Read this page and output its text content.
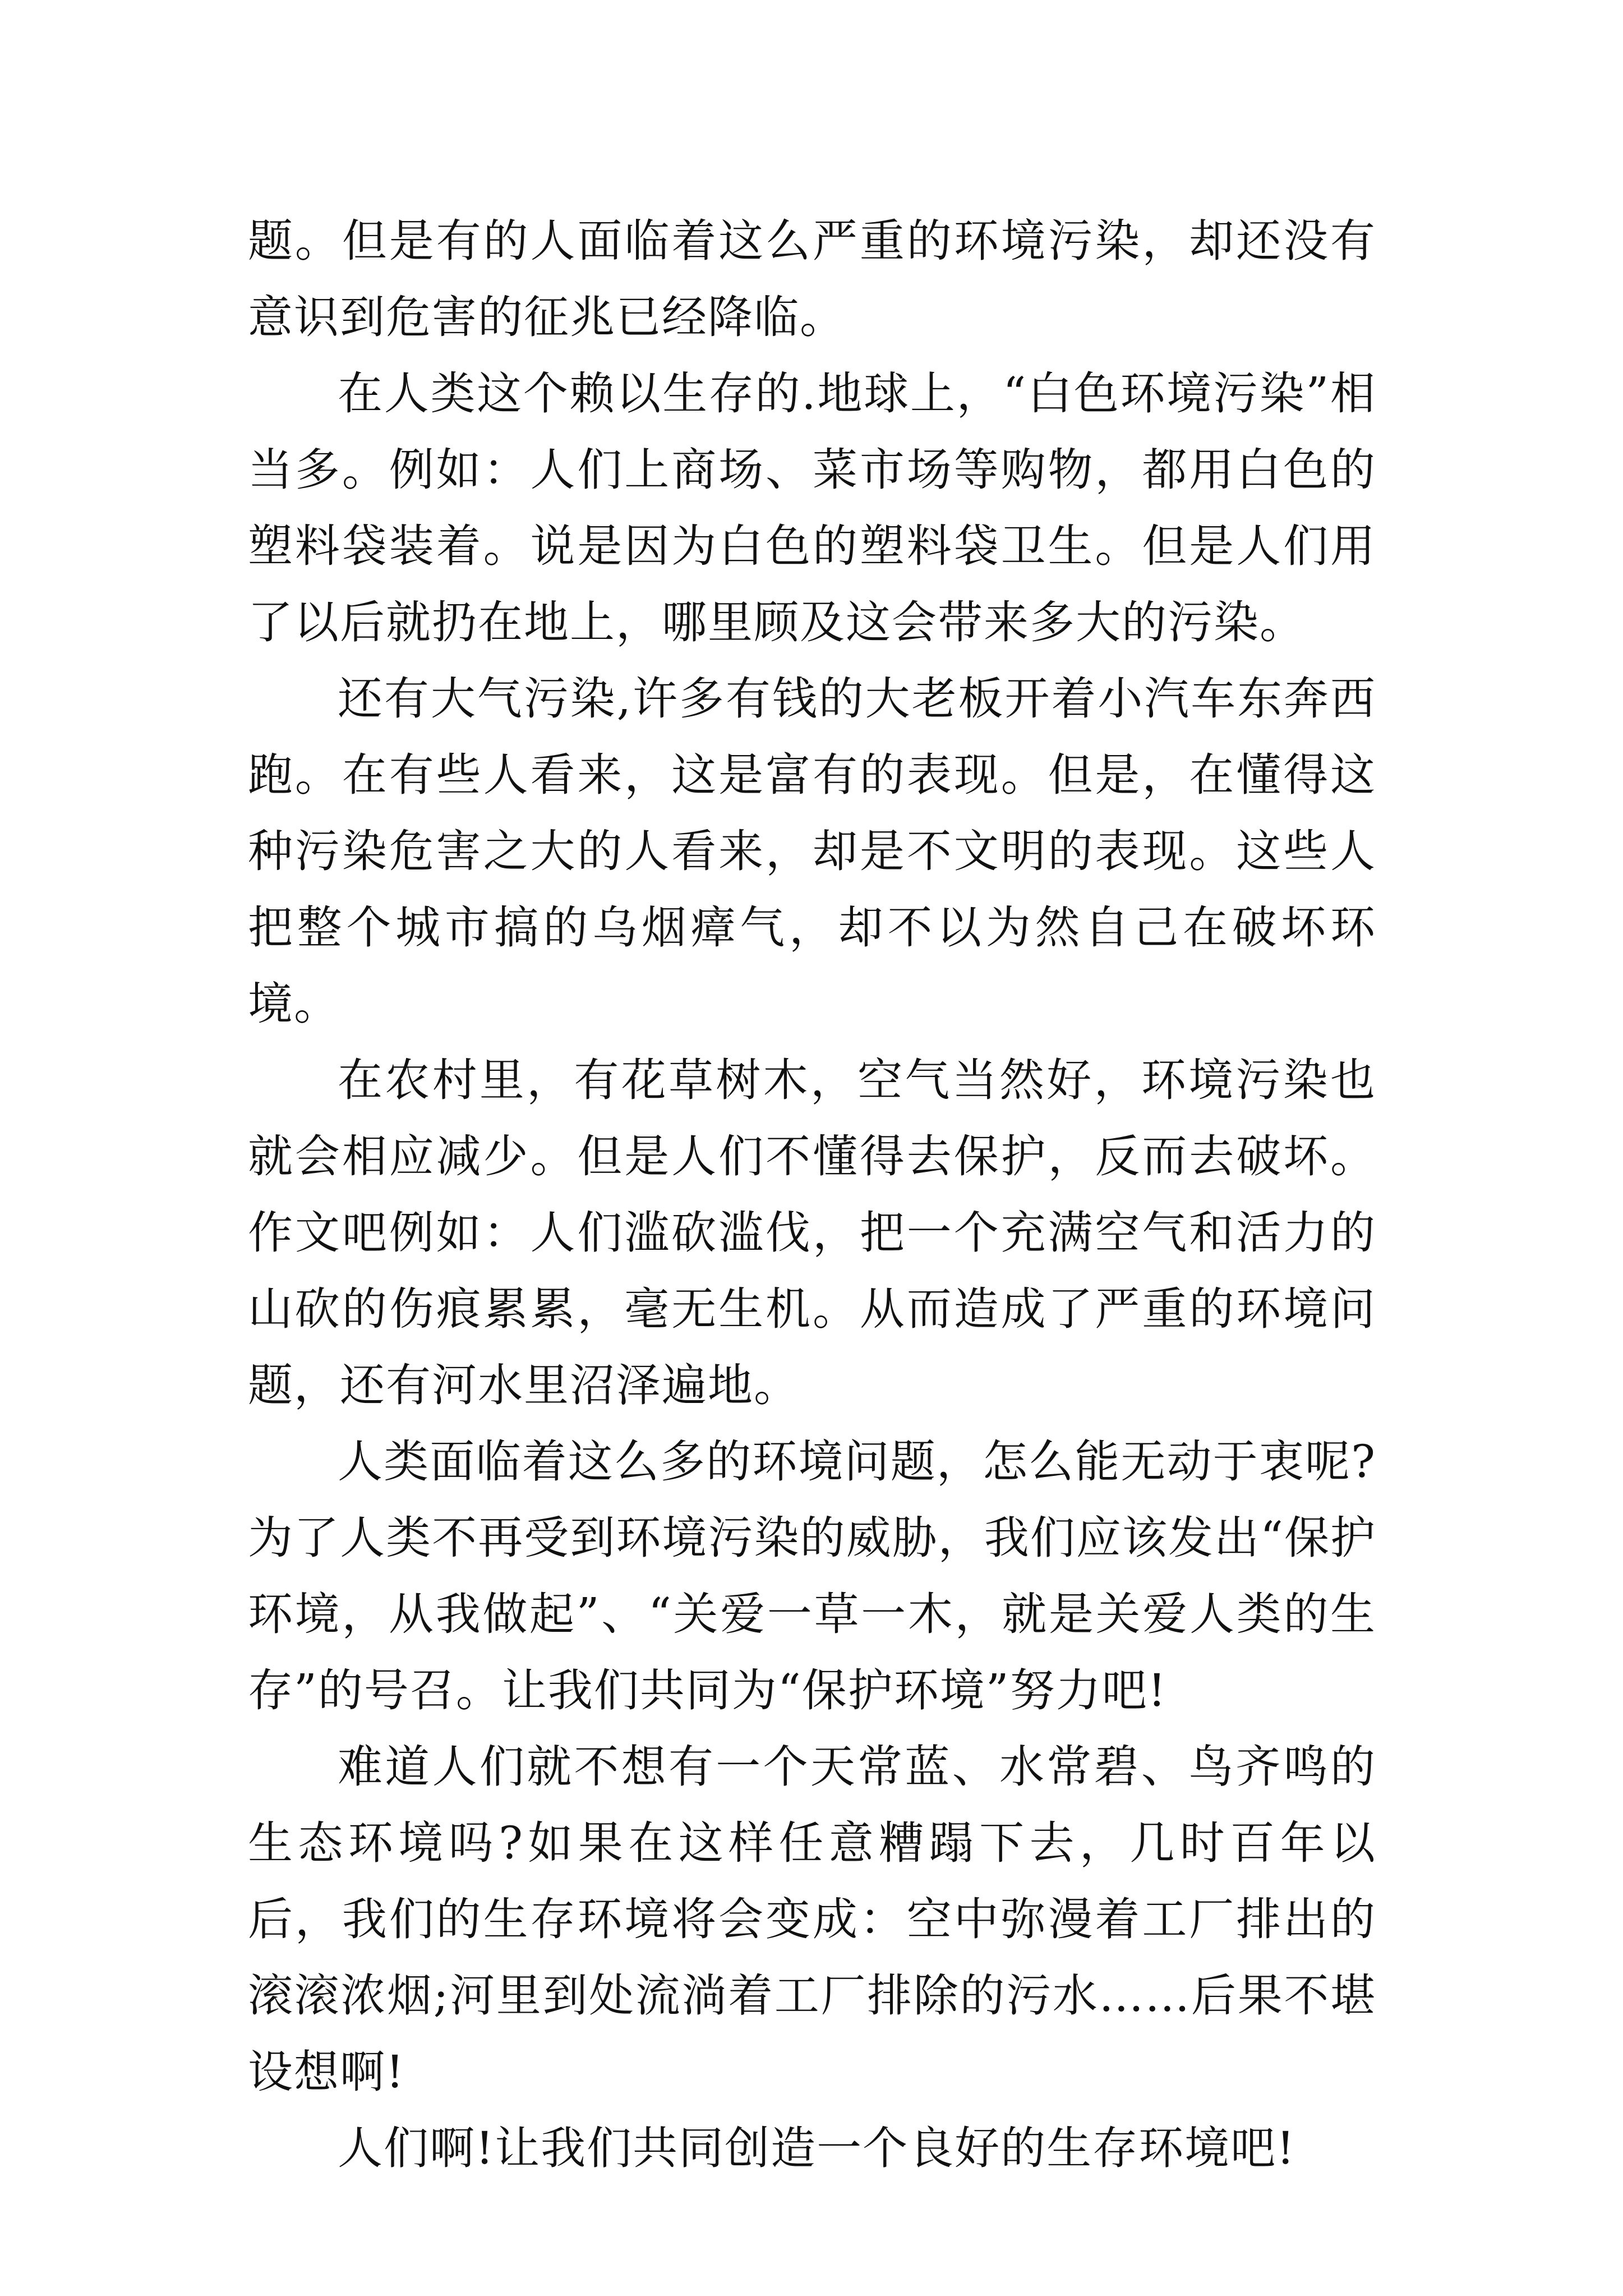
题。但是有的人面临着这么严重的环境污染，却还没有意识到危害的征兆已经降临。

在人类这个赖以生存的.地球上，“白色环境污染”相当多。例如：人们上商场、菜市场等购物，都用白色的塑料袋装着。说是因为白色的塑料袋卫生。但是人们用了以后就扔在地上，哪里顾及这会带来多大的污染。

还有大气污染,许多有钱的大老板开着小汽车东奔西跑。在有些人看来，这是富有的表现。但是，在懂得这种污染危害之大的人看来，却是不文明的表现。这些人把整个城市搞的乌烟瘴气，却不以为然自己在破坏环境。

在农村里，有花草树木，空气当然好，环境污染也就会相应减少。但是人们不懂得去保护，反而去破坏。作文吧例如：人们滥砍滥伐，把一个充满空气和活力的山砍的伤痕累累，毫无生机。从而造成了严重的环境问题，还有河水里沼泽遍地。

人类面临着这么多的环境问题，怎么能无动于衷呢?为了人类不再受到环境污染的威胁，我们应该发出“保护环境，从我做起”、“关爱一草一木，就是关爱人类的生存”的号召。让我们共同为“保护环境”努力吧!

难道人们就不想有一个天常蓝、水常碧、鸟齐鸣的生态环境吗?如果在这样任意糟蹋下去，几时百年以后，我们的生存环境将会变成：空中弥漫着工厂排出的滚滚浓烟;河里到处流淌着工厂排除的污水……后果不堪设想啊!

人们啊!让我们共同创造一个良好的生存环境吧!
